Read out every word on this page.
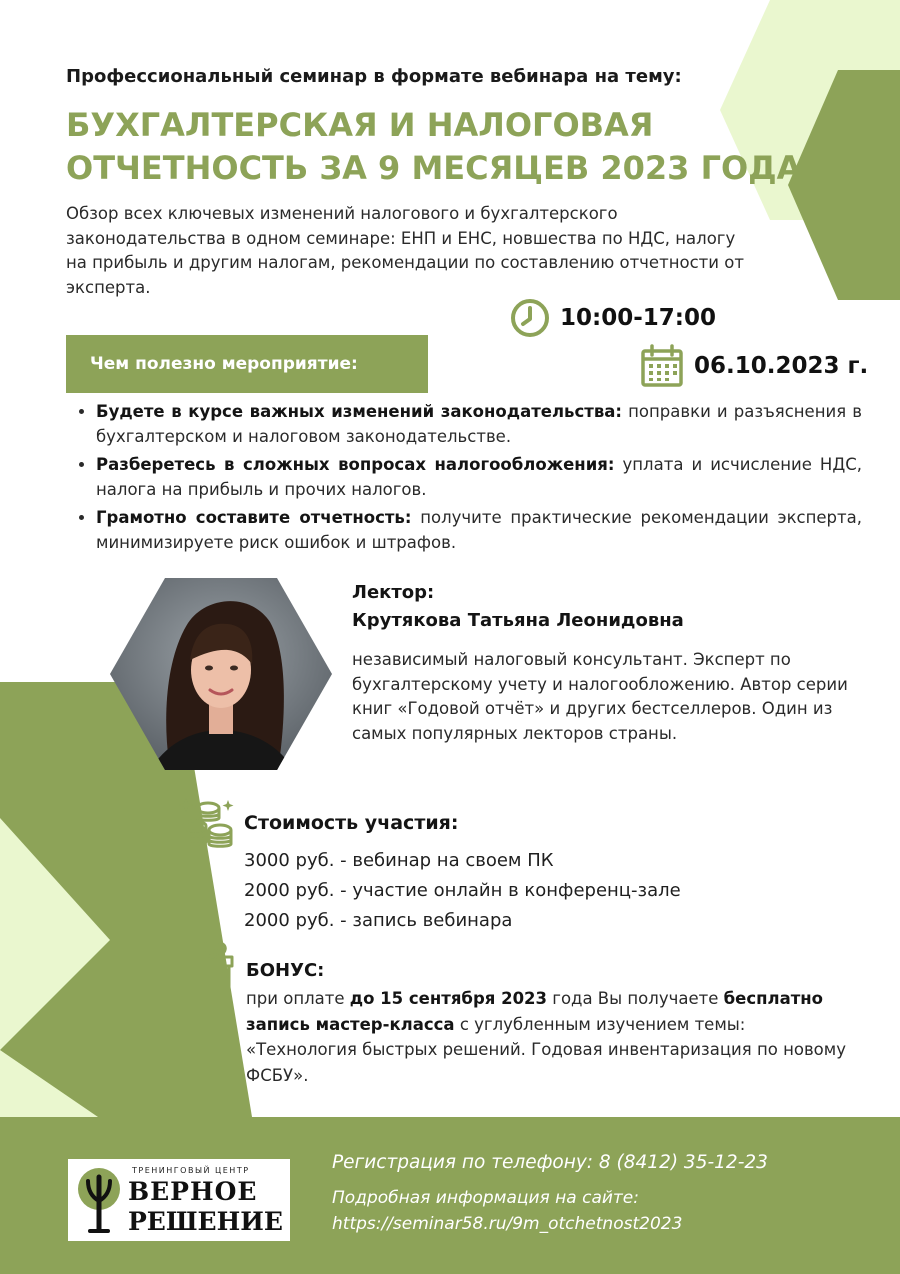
Профессиональный семинар в формате вебинара на тему:
БУХГАЛТЕРСКАЯ И НАЛОГОВАЯ
ОТЧЕТНОСТЬ ЗА 9 МЕСЯЦЕВ 2023 ГОДА
Обзор всех ключевых изменений налогового и бухгалтерского законодательства в одном семинаре: ЕНП и ЕНС, новшества по НДС, налогу на прибыль и другим налогам, рекомендации по составлению отчетности от эксперта.
10:00-17:00
06.10.2023 г.
Чем полезно мероприятие:
• Будете в курсе важных изменений законодательства: поправки и разъяснения в бухгалтерском и налоговом законодательстве.
• Разберетесь в сложных вопросах налогообложения: уплата и исчисление НДС, налога на прибыль и прочих налогов.
• Грамотно составите отчетность: получите практические рекомендации эксперта, минимизируете риск ошибок и штрафов.
Лектор:
Крутякова Татьяна Леонидовна
независимый налоговый консультант. Эксперт по бухгалтерскому учету и налогообложению. Автор серии книг «Годовой отчёт» и других бестселлеров. Один из самых популярных лекторов страны.
Стоимость участия:
3000 руб. - вебинар на своем ПК
2000 руб. - участие онлайн в конференц-зале
2000 руб. - запись вебинара
БОНУС:
при оплате до 15 сентября 2023 года Вы получаете бесплатно запись мастер-класса с углубленным изучением темы: «Технология быстрых решений. Годовая инвентаризация по новому ФСБУ».
ТРЕНИНГОВЫЙ ЦЕНТР
ВЕРНОЕ
РЕШЕНИЕ
Регистрация по телефону: 8 (8412) 35-12-23
Подробная информация на сайте:
https://seminar58.ru/9m_otchetnost2023
